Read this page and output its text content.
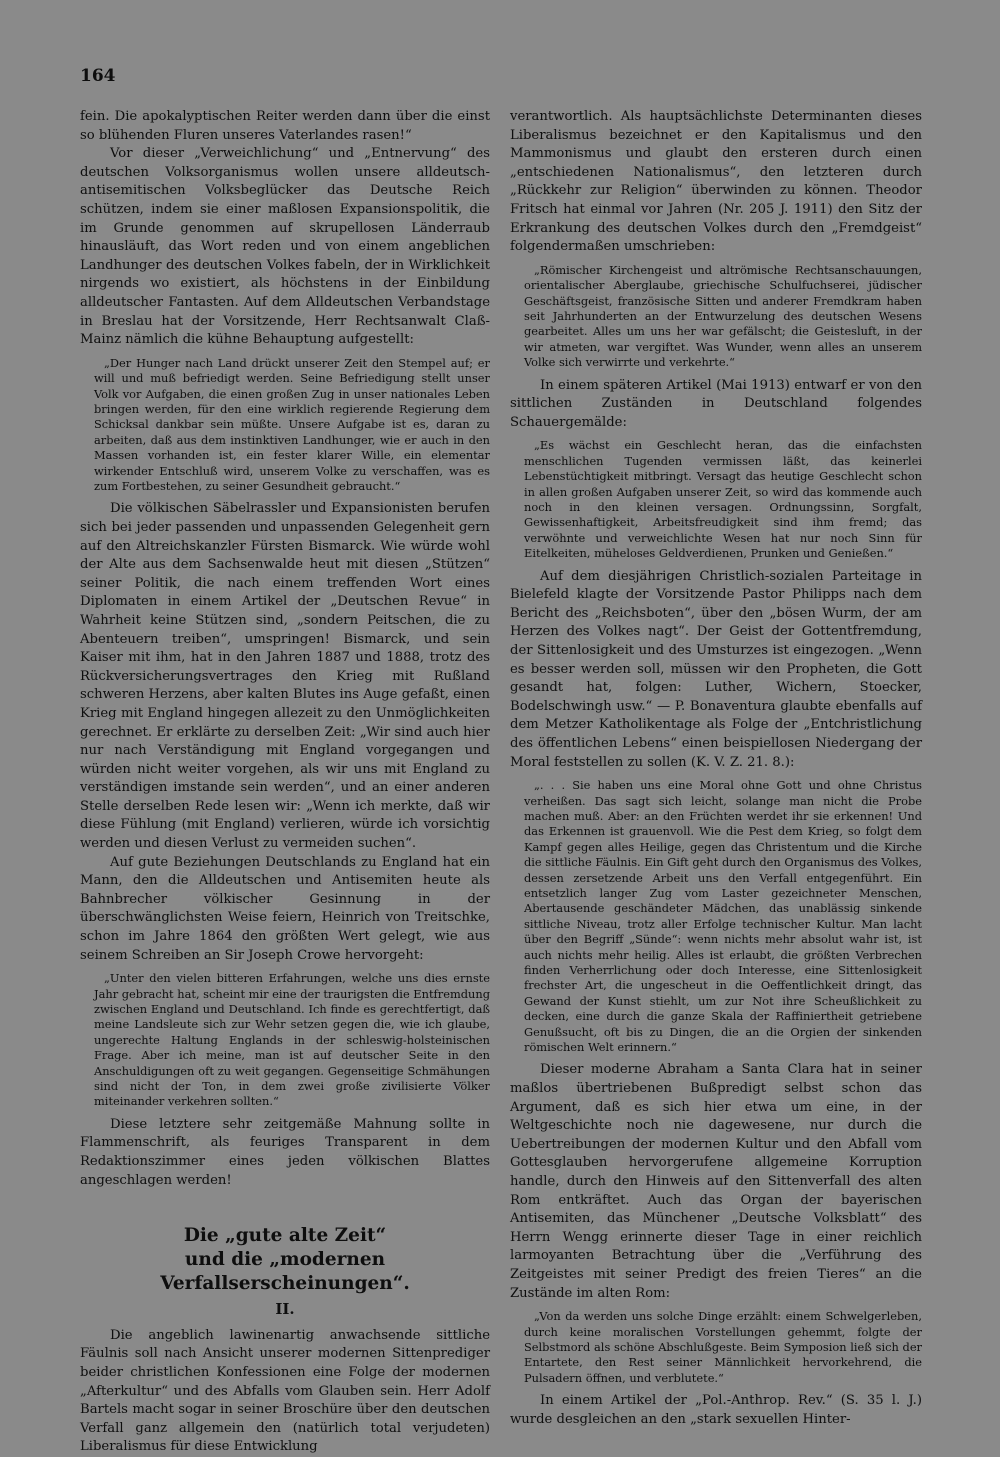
164

fein. Die apokalyptischen Reiter werden dann über die einst so blühenden Fluren unseres Vaterlandes rasen!“

Vor dieser „Verweichlichung“ und „Entnervung“ des deutschen Volksorganismus wollen unsere alldeutsch-antisemitischen Volksbeglücker das Deutsche Reich schützen, indem sie einer maßlosen Expansionspolitik, die im Grunde genommen auf skrupellosen Länderraub hinausläuft, das Wort reden und von einem angeblichen Landhunger des deutschen Volkes fabeln, der in Wirklichkeit nirgends wo existiert, als höchstens in der Einbildung alldeutscher Fantasten. Auf dem Alldeutschen Verbandstage in Breslau hat der Vorsitzende, Herr Rechtsanwalt Claß-Mainz nämlich die kühne Behauptung aufgestellt:

„Der Hunger nach Land drückt unserer Zeit den Stempel auf; er will und muß befriedigt werden. Seine Befriedigung stellt unser Volk vor Aufgaben, die einen großen Zug in unser nationales Leben bringen werden, für den eine wirklich regierende Regierung dem Schicksal dankbar sein müßte. Unsere Aufgabe ist es, daran zu arbeiten, daß aus dem instinktiven Landhunger, wie er auch in den Massen vorhanden ist, ein fester klarer Wille, ein elementar wirkender Entschluß wird, unserem Volke zu verschaffen, was es zum Fortbestehen, zu seiner Gesundheit gebraucht.“

Die völkischen Säbelrassler und Expansionisten berufen sich bei jeder passenden und unpassenden Gelegenheit gern auf den Altreichskanzler Fürsten Bismarck. Wie würde wohl der Alte aus dem Sachsenwalde heut mit diesen „Stützen“ seiner Politik, die nach einem treffenden Wort eines Diplomaten in einem Artikel der „Deutschen Revue“ in Wahrheit keine Stützen sind, „sondern Peitschen, die zu Abenteuern treiben“, umspringen! Bismarck, und sein Kaiser mit ihm, hat in den Jahren 1887 und 1888, trotz des Rückversicherungsvertrages den Krieg mit Rußland schweren Herzens, aber kalten Blutes ins Auge gefaßt, einen Krieg mit England hingegen allezeit zu den Unmöglichkeiten gerechnet. Er erklärte zu derselben Zeit: „Wir sind auch hier nur nach Verständigung mit England vorgegangen und würden nicht weiter vorgehen, als wir uns mit England zu verständigen imstande sein werden“, und an einer anderen Stelle derselben Rede lesen wir: „Wenn ich merkte, daß wir diese Fühlung (mit England) verlieren, würde ich vorsichtig werden und diesen Verlust zu vermeiden suchen“.

Auf gute Beziehungen Deutschlands zu England hat ein Mann, den die Alldeutschen und Antisemiten heute als Bahnbrecher völkischer Gesinnung in der überschwänglichsten Weise feiern, Heinrich von Treitschke, schon im Jahre 1864 den größten Wert gelegt, wie aus seinem Schreiben an Sir Joseph Crowe hervorgeht:

„Unter den vielen bitteren Erfahrungen, welche uns dies ernste Jahr gebracht hat, scheint mir eine der traurigsten die Entfremdung zwischen England und Deutschland. Ich finde es gerechtfertigt, daß meine Landsleute sich zur Wehr setzen gegen die, wie ich glaube, ungerechte Haltung Englands in der schleswig-holsteinischen Frage. Aber ich meine, man ist auf deutscher Seite in den Anschuldigungen oft zu weit gegangen. Gegenseitige Schmähungen sind nicht der Ton, in dem zwei große zivilisierte Völker miteinander verkehren sollten.“

Diese letztere sehr zeitgemäße Mahnung sollte in Flammenschrift, als feuriges Transparent in dem Redaktionszimmer eines jeden völkischen Blattes angeschlagen werden!

Die „gute alte Zeit“
und die „modernen Verfallserscheinungen“.
II.

Die angeblich lawinenartig anwachsende sittliche Fäulnis soll nach Ansicht unserer modernen Sittenprediger beider christlichen Konfessionen eine Folge der modernen „Afterkultur“ und des Abfalls vom Glauben sein. Herr Adolf Bartels macht sogar in seiner Broschüre über den deutschen Verfall ganz allgemein den (natürlich total verjudeten) Liberalismus für diese Entwicklung

verantwortlich. Als hauptsächlichste Determinanten dieses Liberalismus bezeichnet er den Kapitalismus und den Mammonismus und glaubt den ersteren durch einen „entschiedenen Nationalismus“, den letzteren durch „Rückkehr zur Religion“ überwinden zu können. Theodor Fritsch hat einmal vor Jahren (Nr. 205 J. 1911) den Sitz der Erkrankung des deutschen Volkes durch den „Fremdgeist“ folgendermaßen umschrieben:

„Römischer Kirchengeist und altrömische Rechtsanschauungen, orientalischer Aberglaube, griechische Schulfuchserei, jüdischer Geschäftsgeist, französische Sitten und anderer Fremdkram haben seit Jahrhunderten an der Entwurzelung des deutschen Wesens gearbeitet. Alles um uns her war gefälscht; die Geistesluft, in der wir atmeten, war vergiftet. Was Wunder, wenn alles an unserem Volke sich verwirrte und verkehrte.“

In einem späteren Artikel (Mai 1913) entwarf er von den sittlichen Zuständen in Deutschland folgendes Schauergemälde:

„Es wächst ein Geschlecht heran, das die einfachsten menschlichen Tugenden vermissen läßt, das keinerlei Lebenstüchtigkeit mitbringt. Versagt das heutige Geschlecht schon in allen großen Aufgaben unserer Zeit, so wird das kommende auch noch in den kleinen versagen. Ordnungssinn, Sorgfalt, Gewissenhaftigkeit, Arbeitsfreudigkeit sind ihm fremd; das verwöhnte und verweichlichte Wesen hat nur noch Sinn für Eitelkeiten, müheloses Geldverdienen, Prunken und Genießen.“

Auf dem diesjährigen Christlich-sozialen Parteitage in Bielefeld klagte der Vorsitzende Pastor Philipps nach dem Bericht des „Reichsboten“, über den „bösen Wurm, der am Herzen des Volkes nagt“. Der Geist der Gottentfremdung, der Sittenlosigkeit und des Umsturzes ist eingezogen. „Wenn es besser werden soll, müssen wir den Propheten, die Gott gesandt hat, folgen: Luther, Wichern, Stoecker, Bodelschwingh usw.“ — P. Bonaventura glaubte ebenfalls auf dem Metzer Katholikentage als Folge der „Entchristlichung des öffentlichen Lebens“ einen beispiellosen Niedergang der Moral feststellen zu sollen (K. V. Z. 21. 8.):

„. . . Sie haben uns eine Moral ohne Gott und ohne Christus verheißen. Das sagt sich leicht, solange man nicht die Probe machen muß. Aber: an den Früchten werdet ihr sie erkennen! Und das Erkennen ist grauenvoll. Wie die Pest dem Krieg, so folgt dem Kampf gegen alles Heilige, gegen das Christentum und die Kirche die sittliche Fäulnis. Ein Gift geht durch den Organismus des Volkes, dessen zersetzende Arbeit uns den Verfall entgegenführt. Ein entsetzlich langer Zug vom Laster gezeichneter Menschen, Abertausende geschändeter Mädchen, das unablässig sinkende sittliche Niveau, trotz aller Erfolge technischer Kultur. Man lacht über den Begriff „Sünde“: wenn nichts mehr absolut wahr ist, ist auch nichts mehr heilig. Alles ist erlaubt, die größten Verbrechen finden Verherrlichung oder doch Interesse, eine Sittenlosigkeit frechster Art, die ungescheut in die Oeffentlichkeit dringt, das Gewand der Kunst stiehlt, um zur Not ihre Scheußlichkeit zu decken, eine durch die ganze Skala der Raffiniertheit getriebene Genußsucht, oft bis zu Dingen, die an die Orgien der sinkenden römischen Welt erinnern.“

Dieser moderne Abraham a Santa Clara hat in seiner maßlos übertriebenen Bußpredigt selbst schon das Argument, daß es sich hier etwa um eine, in der Weltgeschichte noch nie dagewesene, nur durch die Uebertreibungen der modernen Kultur und den Abfall vom Gottesglauben hervorgerufene allgemeine Korruption handle, durch den Hinweis auf den Sittenverfall des alten Rom entkräftet. Auch das Organ der bayerischen Antisemiten, das Münchener „Deutsche Volksblatt“ des Herrn Wengg erinnerte dieser Tage in einer reichlich larmoyanten Betrachtung über die „Verführung des Zeitgeistes mit seiner Predigt des freien Tieres“ an die Zustände im alten Rom:

„Von da werden uns solche Dinge erzählt: einem Schwelgerleben, durch keine moralischen Vorstellungen gehemmt, folgte der Selbstmord als schöne Abschlußgeste. Beim Symposion ließ sich der Entartete, den Rest seiner Männlichkeit hervorkehrend, die Pulsadern öffnen, und verblutete.“

In einem Artikel der „Pol.-Anthrop. Rev.“ (S. 35 l. J.) wurde desgleichen an den „stark sexuellen Hinter-
